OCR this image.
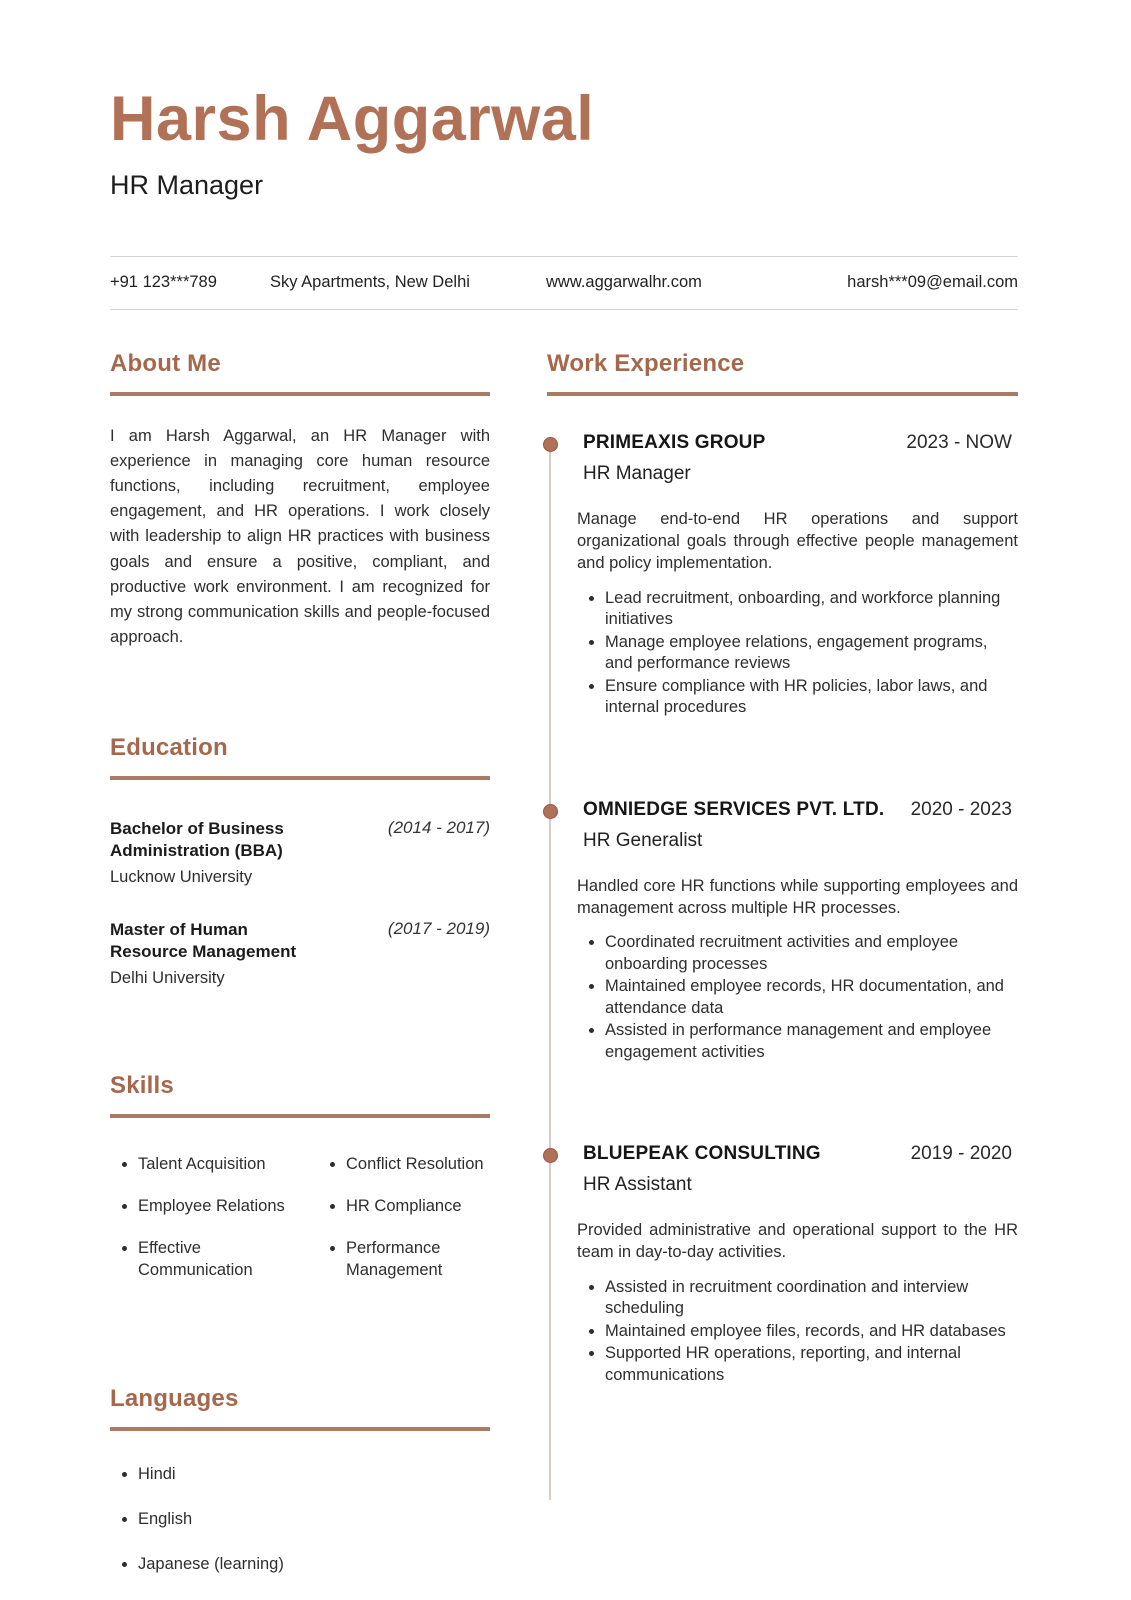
Harsh Aggarwal
HR Manager
+91 123***789	Sky Apartments, New Delhi	www.aggarwalhr.com	harsh***09@email.com
About Me

I am Harsh Aggarwal, an HR Manager with experience in managing core human resource functions, including recruitment, employee engagement, and HR operations. I work closely with leadership to align HR practices with business goals and ensure a positive, compliant, and productive work environment. I am recognized for my strong communication skills and people-focused approach.

Education
Bachelor of Business Administration (BBA)
(2014 - 2017)
Lucknow University
Master of Human Resource Management
(2017 - 2019)
Delhi University
Skills
• Talent Acquisition
• Employee Relations
• Effective Communication
• Conflict Resolution
• HR Compliance
• Performance Management
Languages
• Hindi
• English
• Japanese (learning)
Work Experience
PRIMEAXIS GROUP	2023 - NOW
HR Manager

Manage end-to-end HR operations and support organizational goals through effective people management and policy implementation.

• Lead recruitment, onboarding, and workforce planning initiatives
• Manage employee relations, engagement programs, and performance reviews
• Ensure compliance with HR policies, labor laws, and internal procedures
OMNIEDGE SERVICES PVT. LTD. 2020 - 2023
HR Generalist

Handled core HR functions while supporting employees and management across multiple HR processes.

• Coordinated recruitment activities and employee onboarding processes
• Maintained employee records, HR documentation, and attendance data
• Assisted in performance management and employee engagement activities
BLUEPEAK CONSULTING	2019 - 2020
HR Assistant

Provided administrative and operational support to the HR team in day-to-day activities.

• Assisted in recruitment coordination and interview scheduling
• Maintained employee files, records, and HR databases
• Supported HR operations, reporting, and internal communications
